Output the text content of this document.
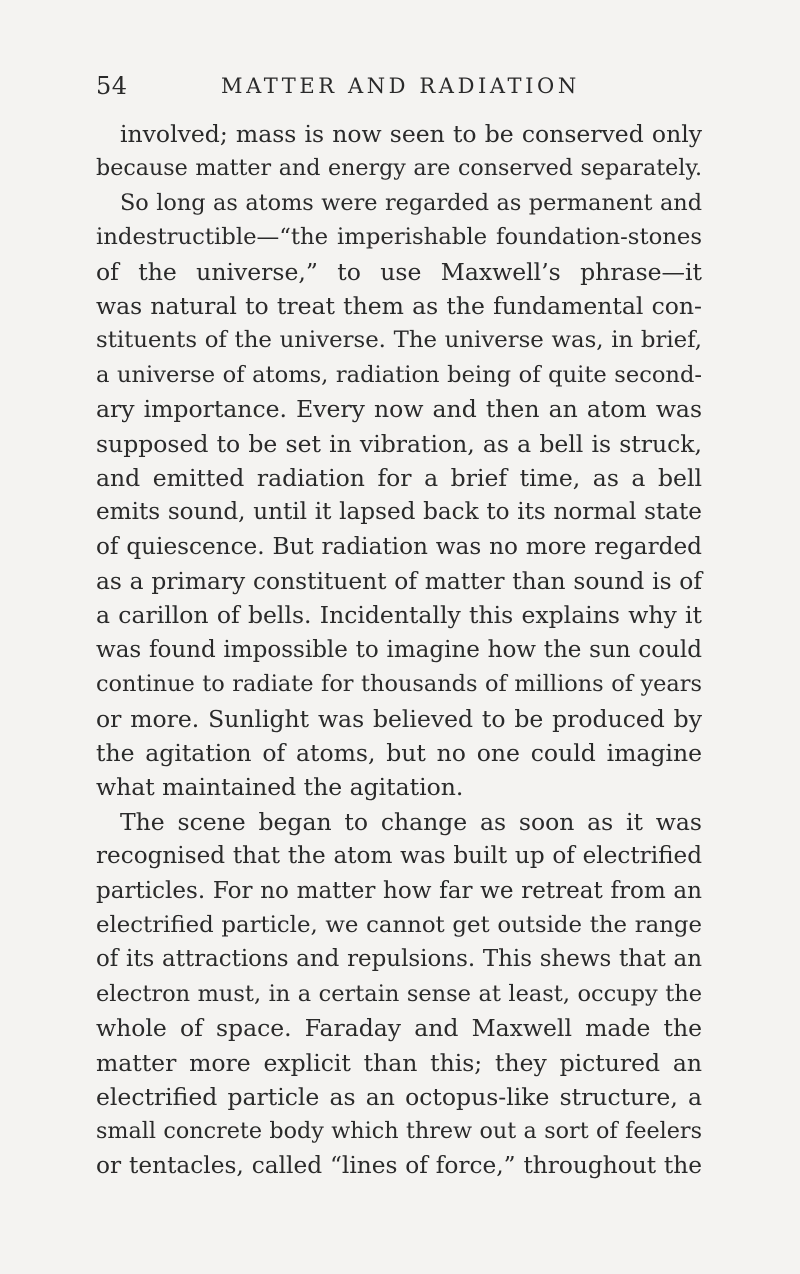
54	MATTER AND RADIATION
involved; mass is now seen to be conserved only
because matter and energy are conserved separately.
So long as atoms were regarded as permanent and
indestructible—“the imperishable foundation-stones
of the universe,” to use Maxwell’s phrase—it
was natural to treat them as the fundamental con-
stituents of the universe. The universe was, in brief,
a universe of atoms, radiation being of quite second-
ary importance. Every now and then an atom was
supposed to be set in vibration, as a bell is struck,
and emitted radiation for a brief time, as a bell
emits sound, until it lapsed back to its normal state
of quiescence. But radiation was no more regarded
as a primary constituent of matter than sound is of
a carillon of bells. Incidentally this explains why it
was found impossible to imagine how the sun could
continue to radiate for thousands of millions of years
or more. Sunlight was believed to be produced by
the agitation of atoms, but no one could imagine
what maintained the agitation.
The scene began to change as soon as it was
recognised that the atom was built up of electrified
particles. For no matter how far we retreat from an
electrified particle, we cannot get outside the range
of its attractions and repulsions. This shews that an
electron must, in a certain sense at least, occupy the
whole of space. Faraday and Maxwell made the
matter more explicit than this; they pictured an
electrified particle as an octopus-like structure, a
small concrete body which threw out a sort of feelers
or tentacles, called “lines of force,” throughout the
